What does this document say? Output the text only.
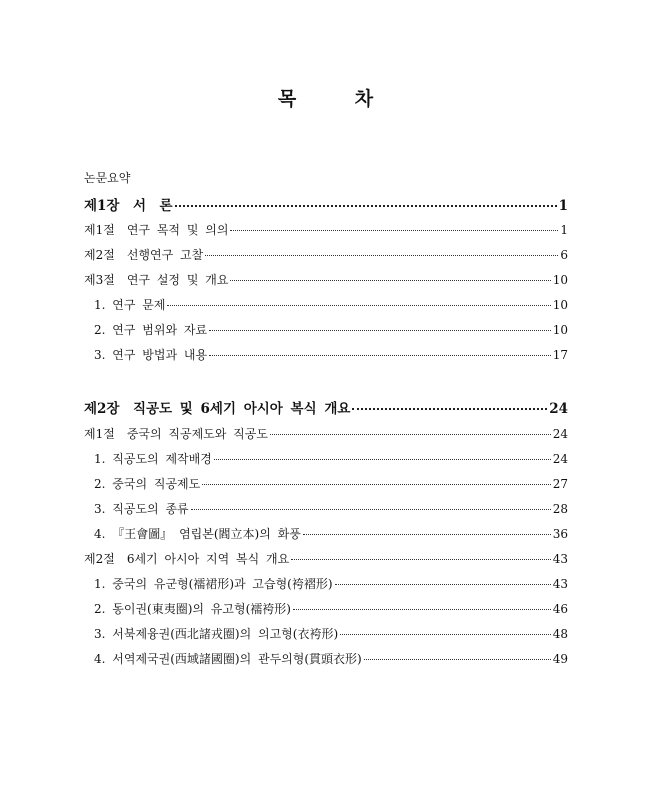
목 차
논문요약
제1장　서　론	1
제1절　연구 목적 및 의의	1
제2절　선행연구 고찰	6
제3절　연구 설정 및 개요	10
1. 연구 문제	10
2. 연구 범위와 자료	10
3. 연구 방법과 내용	17
제2장　직공도 및 6세기 아시아 복식 개요	24
제1절　중국의 직공제도와 직공도	24
1. 직공도의 제작배경	24
2. 중국의 직공제도	27
3. 직공도의 종류	28
4. 『王會圖』 염립본(閻立本)의 화풍	36
제2절　6세기 아시아 지역 복식 개요	43
1. 중국의 유군형(襦裙形)과 고습형(袴褶形)	43
2. 동이권(東夷圈)의 유고형(襦袴形)	46
3. 서북제융권(西北諸戎圈)의 의고형(衣袴形)	48
4. 서역제국권(西域諸國圈)의 관두의형(貫頭衣形)	49
